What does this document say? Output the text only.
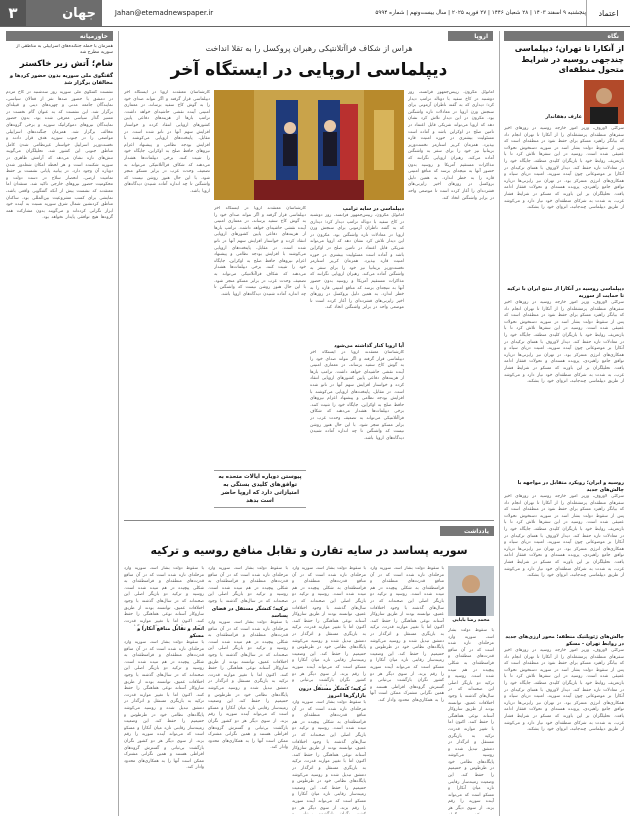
۳	جهان	Jahan@etemadnewspaper.ir	پنجشنبه ۹ اسفند ۱۴۰۳ | ۲۸ شعبان ۱۴۴۶ | ۲۷ فوریه ۲۰۲۵ | سال بیست‌ونهم | شماره ۵۹۹۴	اعتماد
خاورمیانه
همزمان با حمله جنگنده‌های اسراییلی به مناطقی از سوریه مطرح شد
شام؛ آتش زیر خاکستر
گفتگوی ملی سوریه بدون حضور کردها و مخالفان برگزار شد
نشست گفتگوی ملی سوریه روز سه‌شنبه در کاخ مردم در دمشق با حضور صدها نفر از فعالان سیاسی، نمایندگان جامعه مدنی و چهره‌های دینی و قبیله‌ای برگزار شد. این نشست که به عنوان گام نخست در مسیر گذار سیاسی معرفی شده بود، بدون حضور نمایندگان نیروهای دموکراتیک سوریه و برخی گروه‌های مخالف برگزار شد. همزمان جنگنده‌های اسراییلی مواضعی را در جنوب سوریه هدف قرار دادند و نخست‌وزیر اسراییل خواستار غیرنظامی شدن کامل مناطق جنوبی این کشور شد. تحلیلگران می‌گویند تنش‌های تازه نشان می‌دهد که آرامش ظاهری در سوریه شکننده است و هر لحظه امکان شعله‌ور شدن دوباره آن وجود دارد. در بیانیه پایانی نشست بر حفظ تمامیت ارضی، انحصار سلاح در دست دولت و محکومیت حضور نیروهای خارجی تاکید شد. منتقدان اما معتقدند که نشست بیش از آنکه گفتگویی واقعی باشد، نمایشی برای کسب مشروعیت بین‌المللی بود. ساکنان مناطق کردنشین شمال شرق سوریه نسبت به آینده خود ابراز نگرانی کرده‌اند و می‌گویند بدون مشارکت همه گروه‌ها هیچ توافقی پایدار نخواهد بود.
اروپا
هراس از شکاف فراآتلانتیکی رهبران پروکسل را به تقلا انداخت
دیپلماسی اروپایی در ایستگاه آخر
کارشناسان معتقدند اروپا در ایستگاه آخر دیپلماسی قرار گرفته و اگر نتواند صدای خود را به گوش کاخ سفید برساند، در معماری امنیتی آینده نقشی حاشیه‌ای خواهد داشت. ترامپ بارها از هزینه‌های دفاعی پایین کشورهای اروپایی انتقاد کرده و خواستار افزایش سهم آنها در ناتو شده است. در مقابل، پایتخت‌های اروپایی می‌کوشند با افزایش بودجه نظامی و پیشنهاد اعزام نیروهای حافظ صلح به اوکراین، جایگاه خود را تثبیت کنند. برخی دیپلمات‌ها هشدار می‌دهند که شکاف فراآتلانتیکی می‌تواند به تضعیف وحدت غرب در برابر مسکو منجر شود. با این حال هنوز روشن نیست که واشنگتن تا چه اندازه آماده شنیدن دیدگاه‌های اروپا باشد.
امانوئل مکرون، رییس‌جمهور فرانسه، روز دوشنبه در کاخ سفید با دونالد ترامپ دیدار کرد؛ دیداری که به گفته ناظران آزمونی برای سنجش وزن اروپا در معادلات تازه واشنگتن بود. مکرون در این دیدار تلاش کرد نشان دهد که اروپا می‌تواند شریکی قابل اعتماد در تامین صلح در اوکراین باشد و آماده است مسئولیت بیشتری در حوزه امنیت قاره بپذیرد. همزمان کی‌یر استارمر نخست‌وزیر بریتانیا نیز خود را برای سفر به واشنگتن آماده می‌کند. رهبران اروپایی نگرانند که مذاکرات مستقیم آمریکا و روسیه بدون حضور آنها به نتیجه‌ای برسد که منافع امنیتی قاره را به خطر اندازد. به همین دلیل بروکسل در روزهای اخیر رایزنی‌های فشرده‌ای را آغاز کرده است تا موضعی واحد در برابر واشنگتن اتخاذ کند.
کارشناسان معتقدند اروپا در ایستگاه آخر دیپلماسی قرار گرفته و اگر نتواند صدای خود را به گوش کاخ سفید برساند، در معماری امنیتی آینده نقشی حاشیه‌ای خواهد داشت. ترامپ بارها از هزینه‌های دفاعی پایین کشورهای اروپایی انتقاد کرده و خواستار افزایش سهم آنها در ناتو شده است. در مقابل، پایتخت‌های اروپایی می‌کوشند با افزایش بودجه نظامی و پیشنهاد اعزام نیروهای حافظ صلح به اوکراین، جایگاه خود را تثبیت کنند. برخی دیپلمات‌ها هشدار می‌دهند که شکاف فراآتلانتیکی می‌تواند به تضعیف وحدت غرب در برابر مسکو منجر شود. با این حال هنوز روشن نیست که واشنگتن تا چه اندازه آماده شنیدن دیدگاه‌های اروپا باشد.
دیپلماسی در سایه ترامپ
امانوئل مکرون، رییس‌جمهور فرانسه، روز دوشنبه در کاخ سفید با دونالد ترامپ دیدار کرد؛ دیداری که به گفته ناظران آزمونی برای سنجش وزن اروپا در معادلات تازه واشنگتن بود. مکرون در این دیدار تلاش کرد نشان دهد که اروپا می‌تواند شریکی قابل اعتماد در تامین صلح در اوکراین باشد و آماده است مسئولیت بیشتری در حوزه امنیت قاره بپذیرد. همزمان کی‌یر استارمر نخست‌وزیر بریتانیا نیز خود را برای سفر به واشنگتن آماده می‌کند. رهبران اروپایی نگرانند که مذاکرات مستقیم آمریکا و روسیه بدون حضور آنها به نتیجه‌ای برسد که منافع امنیتی قاره را به خطر اندازد. به همین دلیل بروکسل در روزهای اخیر رایزنی‌های فشرده‌ای را آغاز کرده است تا موضعی واحد در برابر واشنگتن اتخاذ کند.
آیا اروپا کنار گذاشته می‌شود
کارشناسان معتقدند اروپا در ایستگاه آخر دیپلماسی قرار گرفته و اگر نتواند صدای خود را به گوش کاخ سفید برساند، در معماری امنیتی آینده نقشی حاشیه‌ای خواهد داشت. ترامپ بارها از هزینه‌های دفاعی پایین کشورهای اروپایی انتقاد کرده و خواستار افزایش سهم آنها در ناتو شده است. در مقابل، پایتخت‌های اروپایی می‌کوشند با افزایش بودجه نظامی و پیشنهاد اعزام نیروهای حافظ صلح به اوکراین، جایگاه خود را تثبیت کنند. برخی دیپلمات‌ها هشدار می‌دهند که شکاف فراآتلانتیکی می‌تواند به تضعیف وحدت غرب در برابر مسکو منجر شود. با این حال هنوز روشن نیست که واشنگتن تا چه اندازه آماده شنیدن دیدگاه‌های اروپا باشد.
پیوستن دوباره ایالات متحده به توافق‌های کلیدی بستگی به امتیازاتی دارد که اروپا حاضر است بدهد
یادداشت
سوریه پساسد در سایه تقارن و تقابل منافع روسیه و ترکیه
محمد رضا بابایی
با سقوط دولت بشار اسد، سوریه وارد مرحله‌ای تازه شده است که در آن منافع قدرت‌های منطقه‌ای و فرامنطقه‌ای به شکلی پیچیده در هم تنیده شده است. روسیه و ترکیه دو بازیگر اصلی این صحنه‌اند که در سال‌های گذشته با وجود اختلافات عمیق، توانسته بودند از طریق سازوکار آستانه نوعی هماهنگی را حفظ کنند. اکنون اما با تغییر موازنه قدرت، ترکیه به بازیگری مستقل و اثرگذار در دمشق تبدیل شده و روسیه می‌کوشد پایگاه‌های نظامی خود در طرطوس و حمیمیم را حفظ کند. این وضعیت زمینه‌ساز رقابتی تازه میان آنکارا و مسکو است که می‌تواند آینده سوریه را رقم بزند. از سوی دیگر هر
با سقوط دولت بشار اسد، سوریه وارد مرحله‌ای تازه شده است که در آن منافع قدرت‌های منطقه‌ای و فرامنطقه‌ای به شکلی پیچیده در هم تنیده شده است. روسیه و ترکیه دو بازیگر اصلی این صحنه‌اند که در سال‌های گذشته با وجود اختلافات عمیق، توانسته بودند از طریق سازوکار آستانه نوعی هماهنگی را حفظ کنند. اکنون اما با تغییر موازنه قدرت، ترکیه به بازیگری مستقل و اثرگذار در دمشق تبدیل شده و روسیه می‌کوشد پایگاه‌های نظامی خود در طرطوس و حمیمیم را حفظ کند. این وضعیت زمینه‌ساز رقابتی تازه میان آنکارا و مسکو است که می‌تواند آینده سوریه را رقم بزند. از سوی دیگر هر دو کشور نگران بازگشت بی‌ثباتی و گسترش گروه‌های افراطی هستند و همین نگرانی مشترک ممکن است آنها را به همکاری‌های محدود وادار کند.
با سقوط دولت بشار اسد، سوریه وارد مرحله‌ای تازه شده است که در آن منافع قدرت‌های منطقه‌ای و فرامنطقه‌ای به شکلی پیچیده در هم تنیده شده است. روسیه و ترکیه دو بازیگر اصلی این صحنه‌اند که در سال‌های گذشته با وجود اختلافات عمیق، توانسته بودند از طریق سازوکار آستانه نوعی هماهنگی را حفظ کنند. اکنون اما با تغییر موازنه قدرت، ترکیه به بازیگری مستقل و اثرگذار در دمشق تبدیل شده و روسیه می‌کوشد پایگاه‌های نظامی خود در طرطوس و حمیمیم را حفظ کند. این وضعیت زمینه‌ساز رقابتی تازه میان آنکارا و مسکو است که می‌تواند آینده سوریه را رقم بزند. از سوی دیگر هر دو کشور نگران بازگشت بی‌ثباتی و
ترکیه؛ کنشگر مستقل درون بازارگرها امروز
با سقوط دولت بشار اسد، سوریه وارد مرحله‌ای تازه شده است که در آن منافع قدرت‌های منطقه‌ای و فرامنطقه‌ای به شکلی پیچیده در هم تنیده شده است. روسیه و ترکیه دو بازیگر اصلی این صحنه‌اند که در سال‌های گذشته با وجود اختلافات عمیق، توانسته بودند از طریق سازوکار آستانه نوعی هماهنگی را حفظ کنند. اکنون اما با تغییر موازنه قدرت، ترکیه به بازیگری مستقل و اثرگذار در دمشق تبدیل شده و روسیه می‌کوشد پایگاه‌های نظامی خود در طرطوس و حمیمیم را حفظ کند. این وضعیت زمینه‌ساز رقابتی تازه میان آنکارا و مسکو است که می‌تواند آینده سوریه را رقم بزند. از سوی دیگر هر دو
با سقوط دولت بشار اسد، سوریه وارد مرحله‌ای تازه شده است که در آن منافع قدرت‌های منطقه‌ای و فرامنطقه‌ای به شکلی پیچیده در هم تنیده شده است. روسیه و ترکیه دو بازیگر اصلی این صحنه‌اند که در سال‌های گذشته با وجود
ترکیه؛ کنشگر مستقل در فضای پساسد
با سقوط دولت بشار اسد، سوریه وارد مرحله‌ای تازه شده است که در آن منافع قدرت‌های منطقه‌ای و فرامنطقه‌ای به شکلی پیچیده در هم تنیده شده است. روسیه و ترکیه دو بازیگر اصلی این صحنه‌اند که در سال‌های گذشته با وجود اختلافات عمیق، توانسته بودند از طریق سازوکار آستانه نوعی هماهنگی را حفظ کنند. اکنون اما با تغییر موازنه قدرت، ترکیه به بازیگری مستقل و اثرگذار در دمشق تبدیل شده و روسیه می‌کوشد پایگاه‌های نظامی خود در طرطوس و حمیمیم را حفظ کند. این وضعیت زمینه‌ساز رقابتی تازه میان آنکارا و مسکو است که می‌تواند آینده سوریه را رقم بزند. از سوی دیگر هر دو کشور نگران بازگشت بی‌ثباتی و گسترش گروه‌های افراطی هستند و همین نگرانی مشترک ممکن است آنها را به همکاری‌های محدود وادار کند.
با سقوط دولت بشار اسد، سوریه وارد مرحله‌ای تازه شده است که در آن منافع قدرت‌های منطقه‌ای و فرامنطقه‌ای به شکلی پیچیده در هم تنیده شده است. روسیه و ترکیه دو بازیگر اصلی این صحنه‌اند که در سال‌های گذشته با وجود اختلافات عمیق، توانسته بودند از طریق سازوکار آستانه نوعی هماهنگی را حفظ کنند. اکنون اما با تغییر موازنه قدرت،
اتحاد و تقابل منافع آنکارا و مسکو
با سقوط دولت بشار اسد، سوریه وارد مرحله‌ای تازه شده است که در آن منافع قدرت‌های منطقه‌ای و فرامنطقه‌ای به شکلی پیچیده در هم تنیده شده است. روسیه و ترکیه دو بازیگر اصلی این صحنه‌اند که در سال‌های گذشته با وجود اختلافات عمیق، توانسته بودند از طریق سازوکار آستانه نوعی هماهنگی را حفظ کنند. اکنون اما با تغییر موازنه قدرت، ترکیه به بازیگری مستقل و اثرگذار در دمشق تبدیل شده و روسیه می‌کوشد پایگاه‌های نظامی خود در طرطوس و حمیمیم را حفظ کند. این وضعیت زمینه‌ساز رقابتی تازه میان آنکارا و مسکو است که می‌تواند آینده سوریه را رقم بزند. از سوی دیگر هر دو کشور نگران بازگشت بی‌ثباتی و گسترش گروه‌های افراطی هستند و همین نگرانی مشترک ممکن است آنها را به همکاری‌های محدود وادار کند.
نگاه
از آنکارا تا تهران؛ دیپلماسی چندجهی روسیه در شرایط متحول منطقه‌ای
عارف دهقاندار
سرگئی لاوروف، وزیر امور خارجه روسیه در روزهای اخیر سفرهای منطقه‌ای پرمشغله‌ای را از آنکارا تا تهران انجام داد که بیانگر راهبرد مسکو برای حفظ نفوذ در منطقه‌ای است که پس از سقوط دولت بشار اسد در سوریه دستخوش تحولات عمیقی شده است. روسیه در این سفرها تلاش کرد تا با بازتعریف روابط خود با بازیگران کلیدی منطقه، جایگاه خود را در معادلات تازه حفظ کند. دیدار لاوروف با همتای ترکیه‌ای در آنکارا بر موضوعاتی چون آینده سوریه، امنیت دریای سیاه و همکاری‌های انرژی متمرکز بود. در تهران نیز رایزنی‌ها درباره توافق جامع راهبردی، پرونده هسته‌ای و تحولات قفقاز ادامه یافت. تحلیلگران بر این باورند که مسکو در شرایط فشار غرب، به شدت به شرکای منطقه‌ای خود نیاز دارد و می‌کوشد از طریق دیپلماسی چندجانبه، انزوای خود را بشکند.
دیپلماسی روسیه در آنکارا از منتج ایران با ترکیه تا حمایت از سوریه
سرگئی لاوروف، وزیر امور خارجه روسیه در روزهای اخیر سفرهای منطقه‌ای پرمشغله‌ای را از آنکارا تا تهران انجام داد که بیانگر راهبرد مسکو برای حفظ نفوذ در منطقه‌ای است که پس از سقوط دولت بشار اسد در سوریه دستخوش تحولات عمیقی شده است. روسیه در این سفرها تلاش کرد تا با بازتعریف روابط خود با بازیگران کلیدی منطقه، جایگاه خود را در معادلات تازه حفظ کند. دیدار لاوروف با همتای ترکیه‌ای در آنکارا بر موضوعاتی چون آینده سوریه، امنیت دریای سیاه و همکاری‌های انرژی متمرکز بود. در تهران نیز رایزنی‌ها درباره توافق جامع راهبردی، پرونده هسته‌ای و تحولات قفقاز ادامه یافت. تحلیلگران بر این باورند که مسکو در شرایط فشار غرب، به شدت به شرکای منطقه‌ای خود نیاز دارد و می‌کوشد از طریق دیپلماسی چندجانبه، انزوای خود را بشکند.
روسیه و ایران؛ رویکرد متقابل در مواجهه با چالش‌های جدید
سرگئی لاوروف، وزیر امور خارجه روسیه در روزهای اخیر سفرهای منطقه‌ای پرمشغله‌ای را از آنکارا تا تهران انجام داد که بیانگر راهبرد مسکو برای حفظ نفوذ در منطقه‌ای است که پس از سقوط دولت بشار اسد در سوریه دستخوش تحولات عمیقی شده است. روسیه در این سفرها تلاش کرد تا با بازتعریف روابط خود با بازیگران کلیدی منطقه، جایگاه خود را در معادلات تازه حفظ کند. دیدار لاوروف با همتای ترکیه‌ای در آنکارا بر موضوعاتی چون آینده سوریه، امنیت دریای سیاه و همکاری‌های انرژی متمرکز بود. در تهران نیز رایزنی‌ها درباره توافق جامع راهبردی، پرونده هسته‌ای و تحولات قفقاز ادامه یافت. تحلیلگران بر این باورند که مسکو در شرایط فشار غرب، به شدت به شرکای منطقه‌ای خود نیاز دارد و می‌کوشد از طریق دیپلماسی چندجانبه، انزوای خود را بشکند.
چالش‌های ژئوپلتیک منطقه؛ محور ارزی‌های جدید در روابط تهران - مسکو
سرگئی لاوروف، وزیر امور خارجه روسیه در روزهای اخیر سفرهای منطقه‌ای پرمشغله‌ای را از آنکارا تا تهران انجام داد که بیانگر راهبرد مسکو برای حفظ نفوذ در منطقه‌ای است که پس از سقوط دولت بشار اسد در سوریه دستخوش تحولات عمیقی شده است. روسیه در این سفرها تلاش کرد تا با بازتعریف روابط خود با بازیگران کلیدی منطقه، جایگاه خود را در معادلات تازه حفظ کند. دیدار لاوروف با همتای ترکیه‌ای در آنکارا بر موضوعاتی چون آینده سوریه، امنیت دریای سیاه و همکاری‌های انرژی متمرکز بود. در تهران نیز رایزنی‌ها درباره توافق جامع راهبردی، پرونده هسته‌ای و تحولات قفقاز ادامه یافت. تحلیلگران بر این باورند که مسکو در شرایط فشار غرب، به شدت به شرکای منطقه‌ای خود نیاز دارد و می‌کوشد از طریق دیپلماسی چندجانبه، انزوای خود را بشکند.
